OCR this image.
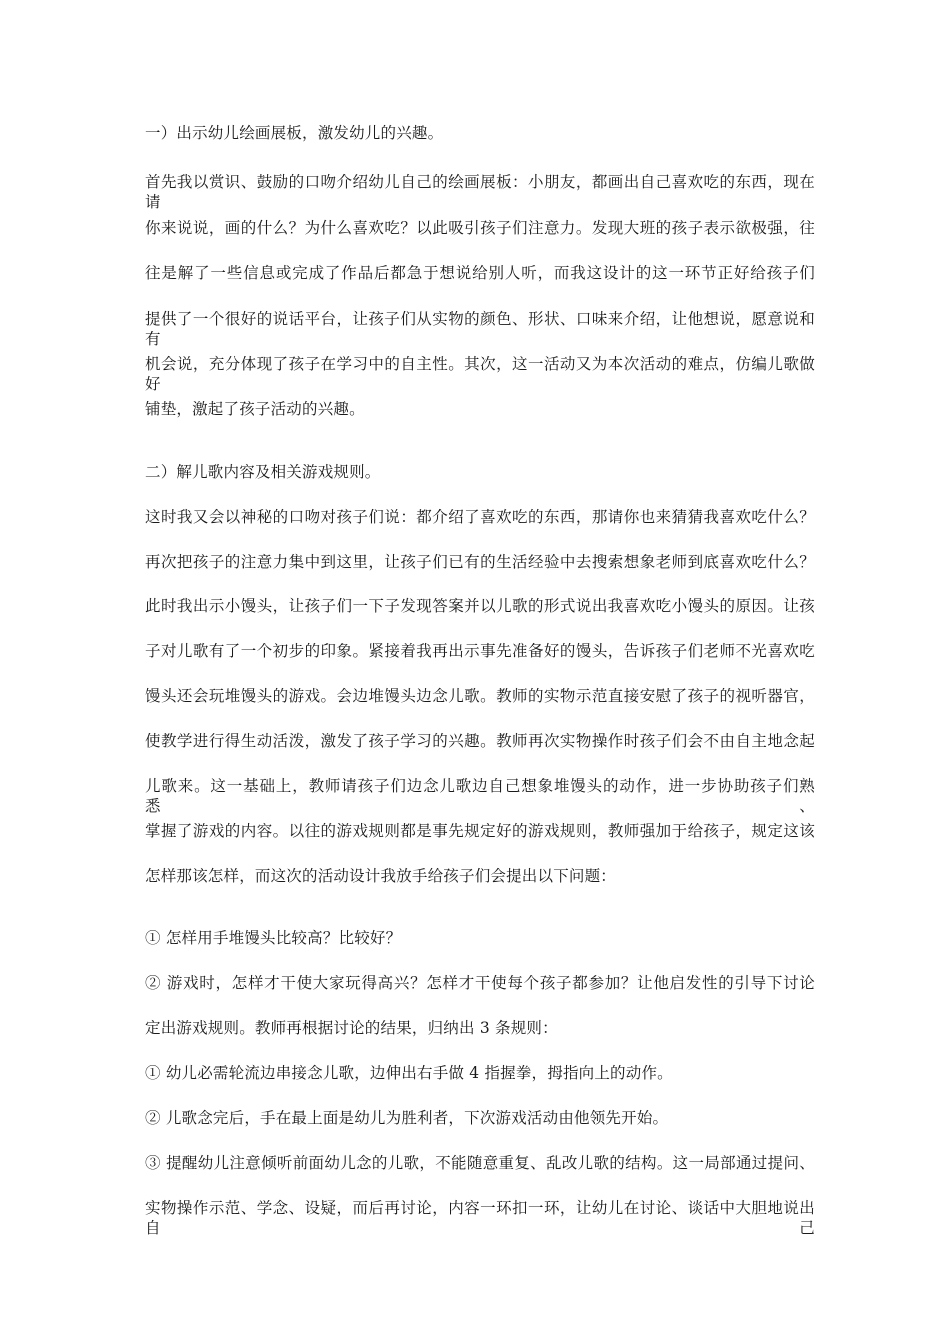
一）出示幼儿绘画展板，激发幼儿的兴趣。
首先我以赏识、鼓励的口吻介绍幼儿自己的绘画展板：小朋友，都画出自己喜欢吃的东西，现在请
你来说说，画的什么？为什么喜欢吃？以此吸引孩子们注意力。发现大班的孩子表示欲极强，往
往是解了一些信息或完成了作品后都急于想说给别人听，而我这设计的这一环节正好给孩子们
提供了一个很好的说话平台，让孩子们从实物的颜色、形状、口味来介绍，让他想说，愿意说和有
机会说，充分体现了孩子在学习中的自主性。其次，这一活动又为本次活动的难点，仿编儿歌做好
铺垫，激起了孩子活动的兴趣。
二）解儿歌内容及相关游戏规则。
这时我又会以神秘的口吻对孩子们说：都介绍了喜欢吃的东西，那请你也来猜猜我喜欢吃什么？
再次把孩子的注意力集中到这里，让孩子们已有的生活经验中去搜索想象老师到底喜欢吃什么？
此时我出示小馒头，让孩子们一下子发现答案并以儿歌的形式说出我喜欢吃小馒头的原因。让孩
子对儿歌有了一个初步的印象。紧接着我再出示事先准备好的馒头，告诉孩子们老师不光喜欢吃
馒头还会玩堆馒头的游戏。会边堆馒头边念儿歌。教师的实物示范直接安慰了孩子的视听器官，
使教学进行得生动活泼，激发了孩子学习的兴趣。教师再次实物操作时孩子们会不由自主地念起
儿歌来。这一基础上，教师请孩子们边念儿歌边自己想象堆馒头的动作，进一步协助孩子们熟悉、
掌握了游戏的内容。以往的游戏规则都是事先规定好的游戏规则，教师强加于给孩子，规定这该
怎样那该怎样，而这次的活动设计我放手给孩子们会提出以下问题：
① 怎样用手堆馒头比较高？比较好？
② 游戏时，怎样才干使大家玩得高兴？怎样才干使每个孩子都参加？让他启发性的引导下讨论
定出游戏规则。教师再根据讨论的结果，归纳出 3 条规则：
① 幼儿必需轮流边串接念儿歌，边伸出右手做 4 指握拳，拇指向上的动作。
② 儿歌念完后，手在最上面是幼儿为胜利者，下次游戏活动由他领先开始。
③ 提醒幼儿注意倾听前面幼儿念的儿歌，不能随意重复、乱改儿歌的结构。这一局部通过提问、
实物操作示范、学念、设疑，而后再讨论，内容一环扣一环，让幼儿在讨论、谈话中大胆地说出自己
